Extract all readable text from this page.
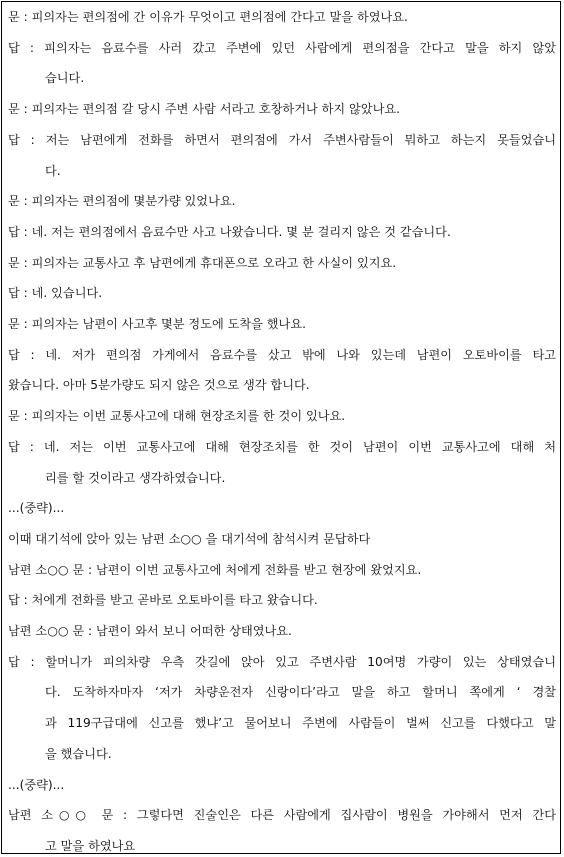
문 : 피의자는 편의점에 간 이유가 무엇이고 편의점에 간다고 말을 하였나요.
답 : 피의자는 음료수를 사러 갔고 주변에 있던 사람에게 편의점을 간다고 말을 하지 않았
습니다.
문 : 피의자는 편의점 갈 당시 주변 사람 서라고 호창하거나 하지 않았나요.
답 : 저는 남편에게 전화를 하면서 편의점에 가서 주변사람들이 뭐하고 하는지 못들었습니
다.
문 : 피의자는 편의점에 몇분가량 있었나요.
답 : 네. 저는 편의점에서 음료수만 사고 나왔습니다. 몇 분 걸리지 않은 것 같습니다.
문 : 피의자는 교통사고 후 남편에게 휴대폰으로 오라고 한 사실이 있지요.
답 : 네. 있습니다.
문 : 피의자는 남편이 사고후 몇분 정도에 도착을 했나요.
답 : 네. 저가 편의점 가게에서 음료수를 샀고 밖에 나와 있는데 남편이 오토바이를 타고
왔습니다. 아마 5분가량도 되지 않은 것으로 생각 합니다.
문 : 피의자는 이번 교통사고에 대해 현장조치를 한 것이 있나요.
답 : 네. 저는 이번 교통사고에 대해 현장조치를 한 것이 남편이 이번 교통사고에 대해 처
리를 할 것이라고 생각하였습니다.
...(중략)...
이때 대기석에 앉아 있는 남편 소○○ 을 대기석에 참석시켜 문답하다
남편 소○○ 문 : 남편이 이번 교통사고에 처에게 전화를 받고 현장에 왔었지요.
답 : 처에게 전화를 받고 곧바로 오토바이를 타고 왔습니다.
남편 소○○ 문 : 남편이 와서 보니 어떠한 상태였나요.
답 : 할머니가 피의차량 우측 갓길에 앉아 있고 주변사람 10여명 가량이 있는 상태였습니
다. 도착하자마자 ‘저가 차량운전자 신랑이다’라고 말을 하고 할머니 쪽에게 ‘ 경찰
과 119구급대에 신고를 했냐’고 물어보니 주변에 사람들이 벌써 신고를 다했다고 말
을 했습니다.
...(중략)...
남편 소○○ 문 : 그렇다면 진술인은 다른 사람에게 집사람이 병원을 가야해서 먼저 간다
고 말을 하였나요
